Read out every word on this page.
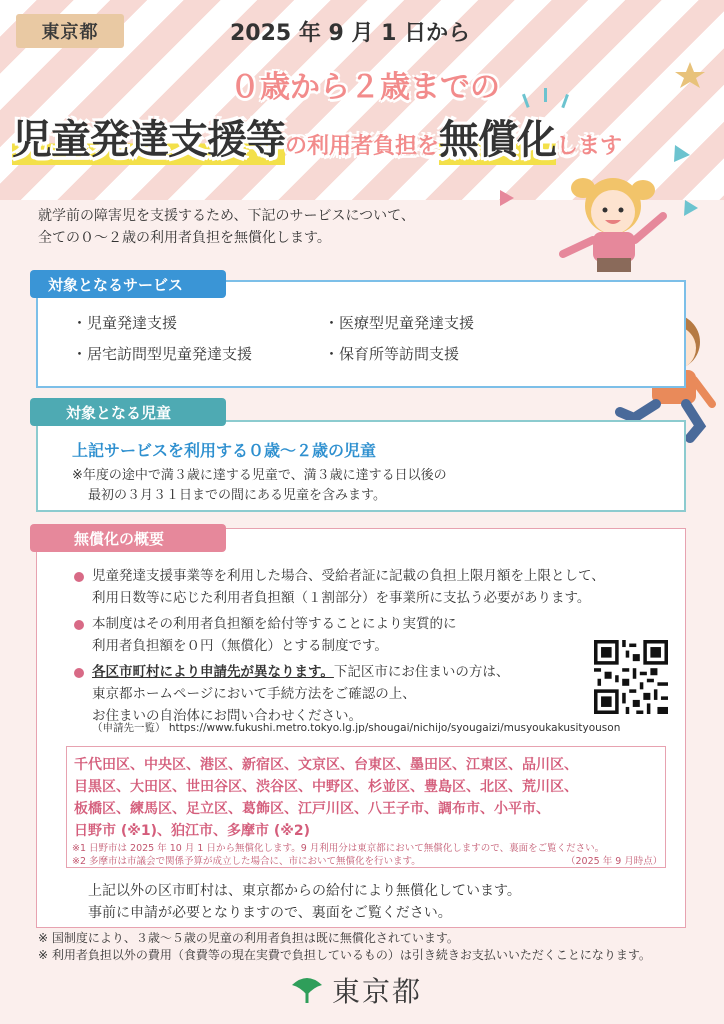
東京都	2025 年 9 月 1 日から
０歳から２歳までの
児童発達支援等の利用者負担を無償化します
就学前の障害児を支援するため、下記のサービスについて、
全ての０～２歳の利用者負担を無償化します。
対象となるサービス
・児童発達支援
・居宅訪問型児童発達支援
・医療型児童発達支援
・保育所等訪問支援
対象となる児童
上記サービスを利用する０歳～２歳の児童
※年度の途中で満３歳に達する児童で、満３歳に達する日以後の
最初の３月３１日までの間にある児童を含みます。
無償化の概要
児童発達支援事業等を利用した場合、受給者証に記載の負担上限月額を上限として、
利用日数等に応じた利用者負担額（１割部分）を事業所に支払う必要があります。
本制度はその利用者負担額を給付等することにより実質的に
利用者負担額を０円（無償化）とする制度です。
各区市町村により申請先が異なります。下記区市にお住まいの方は、
東京都ホームページにおいて手続方法をご確認の上、
お住まいの自治体にお問い合わせください。
（申請先一覧） https://www.fukushi.metro.tokyo.lg.jp/shougai/nichijo/syougaizi/musyoukakusityouson
千代田区、中央区、港区、新宿区、文京区、台東区、墨田区、江東区、品川区、
目黒区、大田区、世田谷区、渋谷区、中野区、杉並区、豊島区、北区、荒川区、
板橋区、練馬区、足立区、葛飾区、江戸川区、八王子市、調布市、小平市、
日野市 (※1)、狛江市、多摩市 (※2)
※1 日野市は 2025 年 10 月 1 日から無償化します。9 月利用分は東京都において無償化しますので、裏面をご覧ください。
※2 多摩市は市議会で関係予算が成立した場合に、市において無償化を行います。	（2025 年 9 月時点）
上記以外の区市町村は、東京都からの給付により無償化しています。
事前に申請が必要となりますので、裏面をご覧ください。
※ 国制度により、３歳～５歳の児童の利用者負担は既に無償化されています。
※ 利用者負担以外の費用（食費等の現在実費で負担しているもの）は引き続きお支払いいただくことになります。
東京都
